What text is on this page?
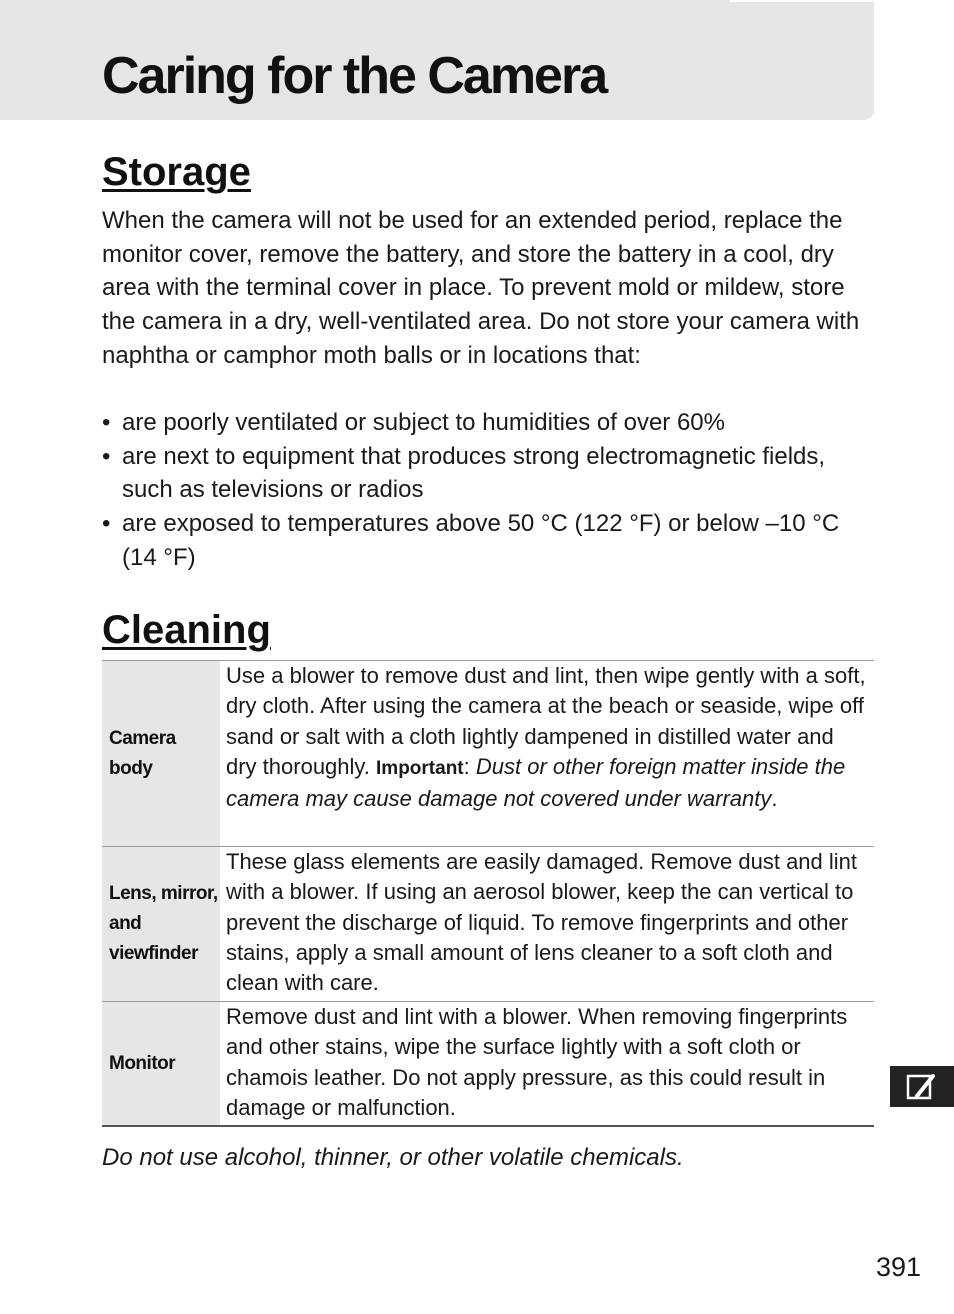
Caring for the Camera
Storage

When the camera will not be used for an extended period, replace the monitor cover, remove the battery, and store the battery in a cool, dry area with the terminal cover in place. To prevent mold or mildew, store the camera in a dry, well-ventilated area. Do not store your camera with naphtha or camphor moth balls or in locations that:

• are poorly ventilated or subject to humidities of over 60%
• are next to equipment that produces strong electromagnetic fields, such as televisions or radios
• are exposed to temperatures above 50 °C (122 °F) or below –10 °C (14 °F)
Cleaning
Camera body	Use a blower to remove dust and lint, then wipe gently with a soft, dry cloth. After using the camera at the beach or seaside, wipe off sand or salt with a cloth lightly dampened in distilled water and dry thoroughly. Important: Dust or other foreign matter inside the camera may cause damage not covered under warranty.
Lens, mirror, and viewfinder	These glass elements are easily damaged. Remove dust and lint with a blower. If using an aerosol blower, keep the can vertical to prevent the discharge of liquid. To remove fingerprints and other stains, apply a small amount of lens cleaner to a soft cloth and clean with care.
Monitor	Remove dust and lint with a blower. When removing fingerprints and other stains, wipe the surface lightly with a soft cloth or chamois leather. Do not apply pressure, as this could result in damage or malfunction.

Do not use alcohol, thinner, or other volatile chemicals.

391
